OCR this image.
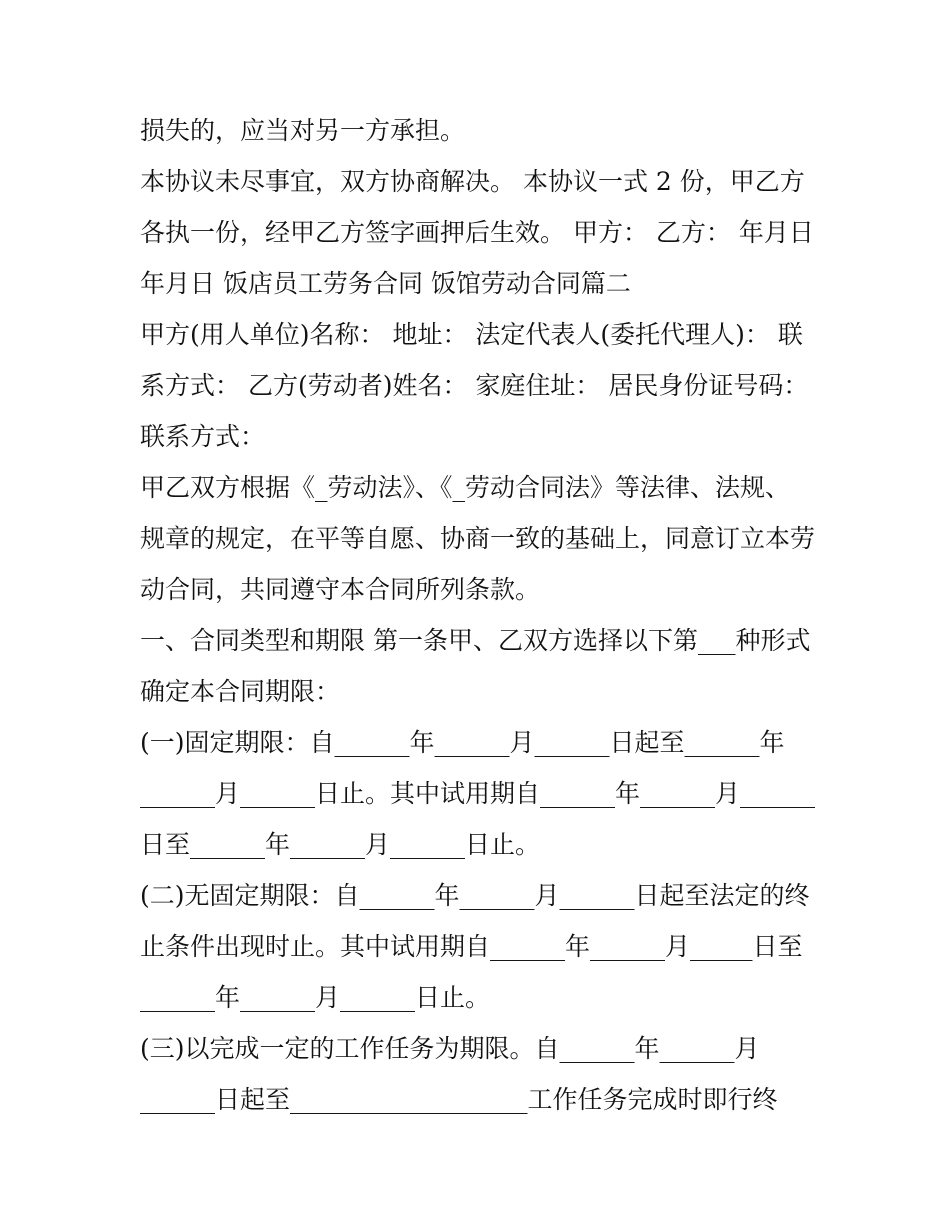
损失的，应当对另一方承担。
本协议未尽事宜，双方协商解决。 本协议一式 2 份，甲乙方
各执一份，经甲乙方签字画押后生效。 甲方： 乙方： 年月日
年月日 饭店员工劳务合同 饭馆劳动合同篇二
甲方(用人单位)名称： 地址： 法定代表人(委托代理人)： 联
系方式： 乙方(劳动者)姓名： 家庭住址： 居民身份证号码：
联系方式：
甲乙双方根据《_劳动法》、《_劳动合同法》等法律、法规、
规章的规定，在平等自愿、协商一致的基础上，同意订立本劳
动合同，共同遵守本合同所列条款。
一、合同类型和期限 第一条甲、乙双方选择以下第___种形式
确定本合同期限：
(一)固定期限：自______年______月______日起至______年
______月______日止。其中试用期自______年______月______
日至______年______月______日止。
(二)无固定期限：自______年______月______日起至法定的终
止条件出现时止。其中试用期自______年______月_____日至
______年______月______日止。
(三)以完成一定的工作任务为期限。自______年______月
______日起至___________________工作任务完成时即行终
